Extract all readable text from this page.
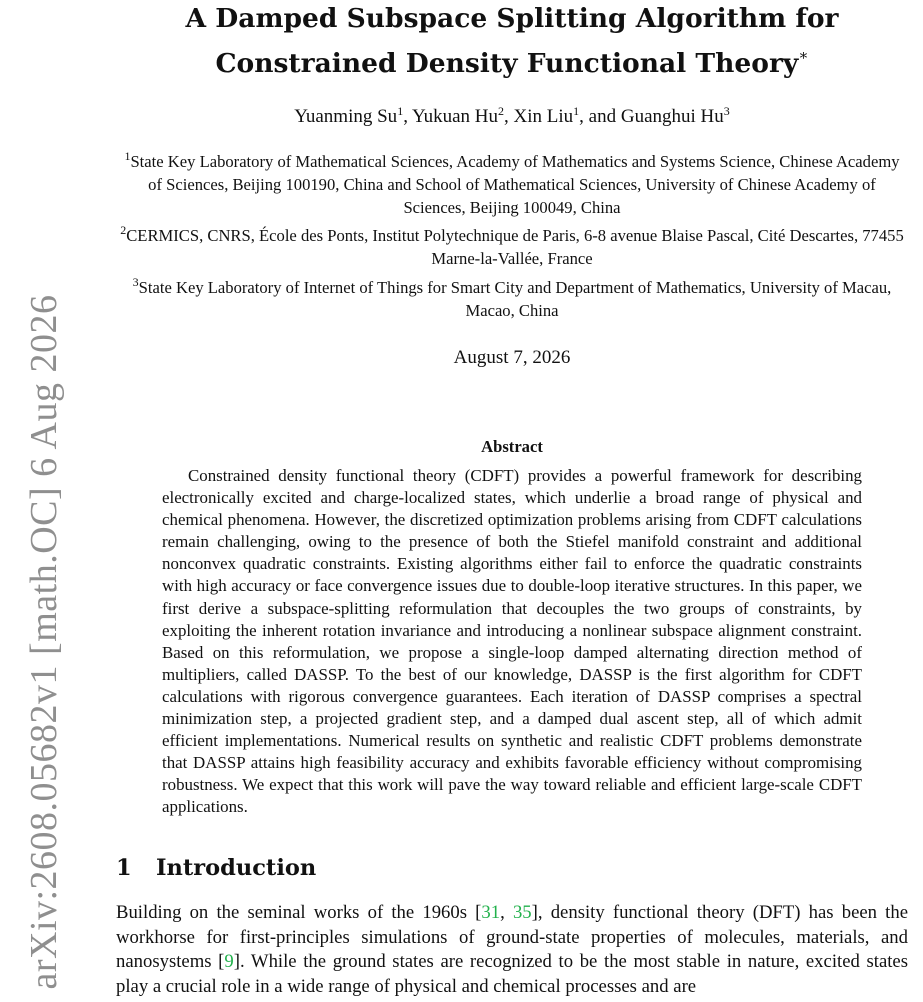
arXiv:2608.05682v1 [math.OC] 6 Aug 2026
A Damped Subspace Splitting Algorithm for
Constrained Density Functional Theory∗
Yuanming Su$^1$, Yukuan Hu$^2$, Xin Liu$^1$, and Guanghui Hu$^3$

$^1$State Key Laboratory of Mathematical Sciences, Academy of Mathematics and Systems Science, Chinese Academy of Sciences, Beijing 100190, China and School of Mathematical Sciences, University of Chinese Academy of Sciences, Beijing 100049, China

$^2$CERMICS, CNRS, École des Ponts, Institut Polytechnique de Paris, 6-8 avenue Blaise Pascal, Cité Descartes, 77455 Marne-la-Vallée, France

$^3$State Key Laboratory of Internet of Things for Smart City and Department of Mathematics, University of Macau, Macao, China

August 7, 2026
Abstract

Constrained density functional theory (CDFT) provides a powerful framework for describing electronically excited and charge-localized states, which underlie a broad range of physical and chemical phenomena. However, the discretized optimization problems arising from CDFT calculations remain challenging, owing to the presence of both the Stiefel manifold constraint and additional nonconvex quadratic constraints. Existing algorithms either fail to enforce the quadratic constraints with high accuracy or face convergence issues due to double-loop iterative structures. In this paper, we first derive a subspace-splitting reformulation that decouples the two groups of constraints, by exploiting the inherent rotation invariance and introducing a nonlinear subspace alignment constraint. Based on this reformulation, we propose a single-loop damped alternating direction method of multipliers, called DASSP. To the best of our knowledge, DASSP is the first algorithm for CDFT calculations with rigorous convergence guarantees. Each iteration of DASSP comprises a spectral minimization step, a projected gradient step, and a damped dual ascent step, all of which admit efficient implementations. Numerical results on synthetic and realistic CDFT problems demonstrate that DASSP attains high feasibility accuracy and exhibits favorable efficiency without compromising robustness. We expect that this work will pave the way toward reliable and efficient large-scale CDFT applications.

1 Introduction

Building on the seminal works of the 1960s [31, 35], density functional theory (DFT) has been the workhorse for first-principles simulations of ground-state properties of molecules, materials, and nanosystems [9]. While the ground states are recognized to be the most stable in nature, excited states play a crucial role in a wide range of physical and chemical processes and are
